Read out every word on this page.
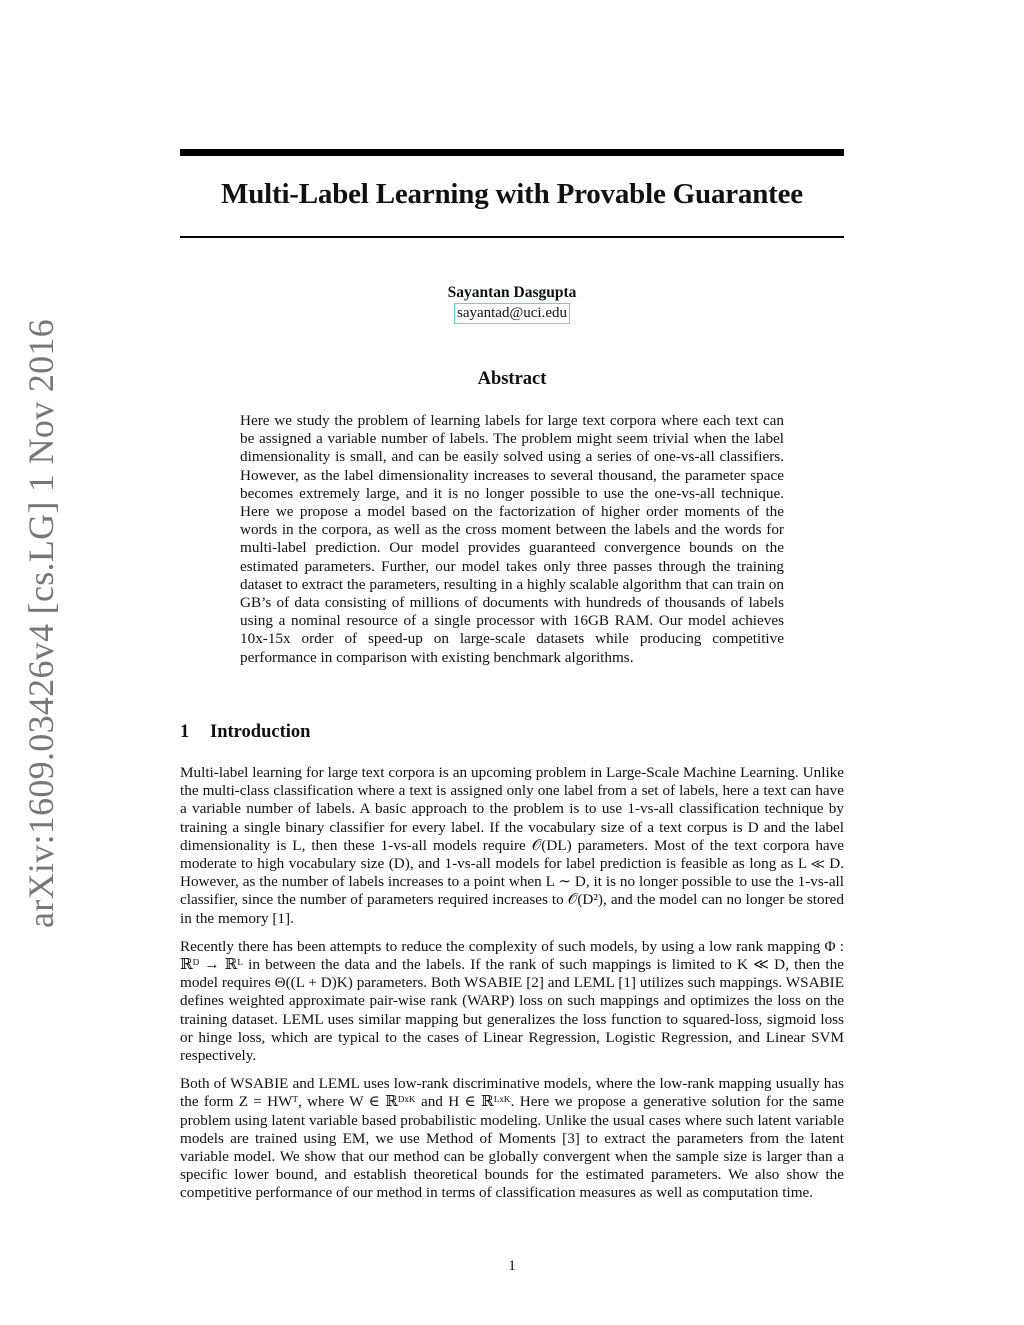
arXiv:1609.03426v4 [cs.LG] 1 Nov 2016
Multi-Label Learning with Provable Guarantee
Sayantan Dasgupta
sayantad@uci.edu
Abstract
Here we study the problem of learning labels for large text corpora where each text can be assigned a variable number of labels. The problem might seem trivial when the label dimensionality is small, and can be easily solved using a series of one-vs-all classifiers. However, as the label dimensionality increases to several thousand, the parameter space becomes extremely large, and it is no longer possible to use the one-vs-all technique. Here we propose a model based on the factorization of higher order moments of the words in the corpora, as well as the cross moment between the labels and the words for multi-label prediction. Our model provides guaranteed convergence bounds on the estimated parameters. Further, our model takes only three passes through the training dataset to extract the parameters, resulting in a highly scalable algorithm that can train on GB’s of data consisting of millions of documents with hundreds of thousands of labels using a nominal resource of a single processor with 16GB RAM. Our model achieves 10x-15x order of speed-up on large-scale datasets while producing competitive performance in comparison with existing benchmark algorithms.
1 Introduction

Multi-label learning for large text corpora is an upcoming problem in Large-Scale Machine Learning. Unlike the multi-class classification where a text is assigned only one label from a set of labels, here a text can have a variable number of labels. A basic approach to the problem is to use 1-vs-all classification technique by training a single binary classifier for every label. If the vocabulary size of a text corpus is D and the label dimensionality is L, then these 1-vs-all models require 𝒪(DL) parameters. Most of the text corpora have moderate to high vocabulary size (D), and 1-vs-all models for label prediction is feasible as long as L ≪ D. However, as the number of labels increases to a point when L ∼ D, it is no longer possible to use the 1-vs-all classifier, since the number of parameters required increases to 𝒪(D²), and the model can no longer be stored in the memory [1].

Recently there has been attempts to reduce the complexity of such models, by using a low rank mapping Φ : ℝᴰ → ℝᴸ in between the data and the labels. If the rank of such mappings is limited to K ≪ D, then the model requires Θ((L + D)K) parameters. Both WSABIE [2] and LEML [1] utilizes such mappings. WSABIE defines weighted approximate pair-wise rank (WARP) loss on such mappings and optimizes the loss on the training dataset. LEML uses similar mapping but generalizes the loss function to squared-loss, sigmoid loss or hinge loss, which are typical to the cases of Linear Regression, Logistic Regression, and Linear SVM respectively.

Both of WSABIE and LEML uses low-rank discriminative models, where the low-rank mapping usually has the form Z = HWᵀ, where W ∈ ℝᴰˣᴷ and H ∈ ℝᴸˣᴷ. Here we propose a generative solution for the same problem using latent variable based probabilistic modeling. Unlike the usual cases where such latent variable models are trained using EM, we use Method of Moments [3] to extract the parameters from the latent variable model. We show that our method can be globally convergent when the sample size is larger than a specific lower bound, and establish theoretical bounds for the estimated parameters. We also show the competitive performance of our method in terms of classification measures as well as computation time.

1
